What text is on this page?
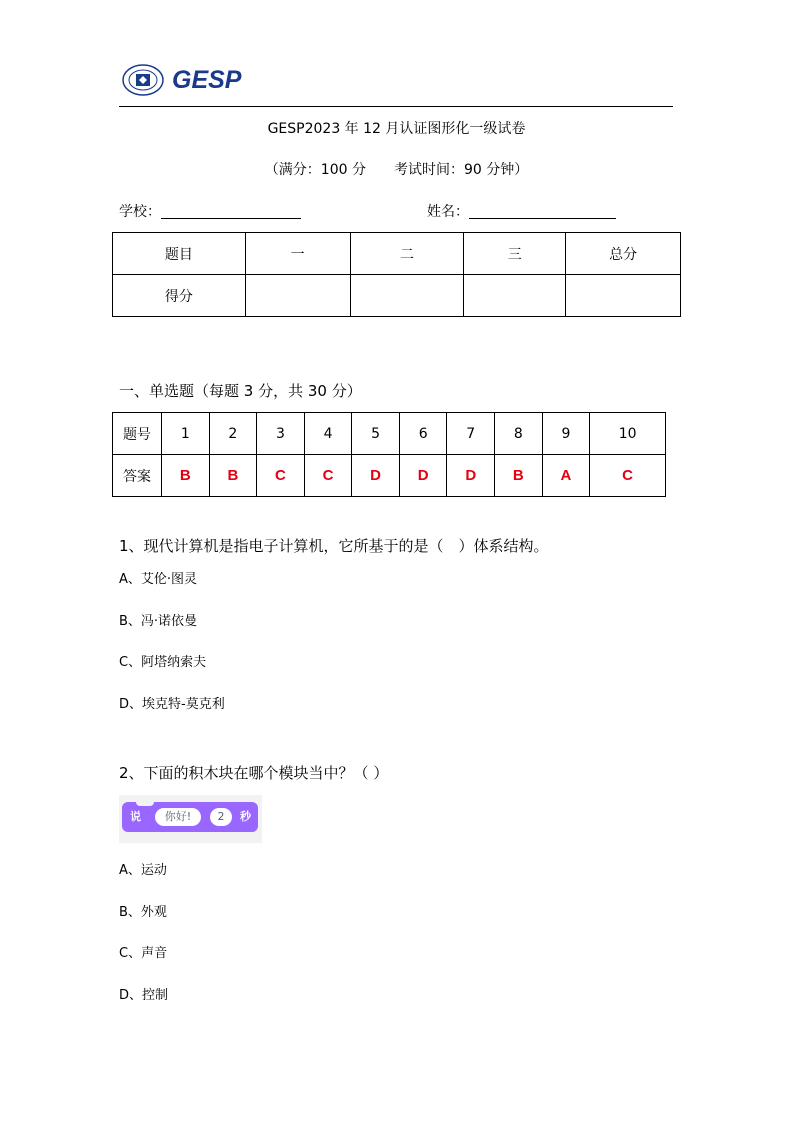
GESP
GESP2023 年 12 月认证图形化一级试卷
（满分：100 分 考试时间：90 分钟）
学校：	姓名：
题目	一	二	三	总分
得分				
一、单选题（每题 3 分，共 30 分）
题号	1	2	3	4	5	6	7	8	9	10
答案	B	B	C	C	D	D	D	B	A	C
1、现代计算机是指电子计算机，它所基于的是（　）体系结构。
A、艾伦·图灵
B、冯·诺依曼
C、阿塔纳索夫
D、埃克特-莫克利
2、下面的积木块在哪个模块当中？（ ）
说	你好!	2	秒
A、运动
B、外观
C、声音
D、控制
